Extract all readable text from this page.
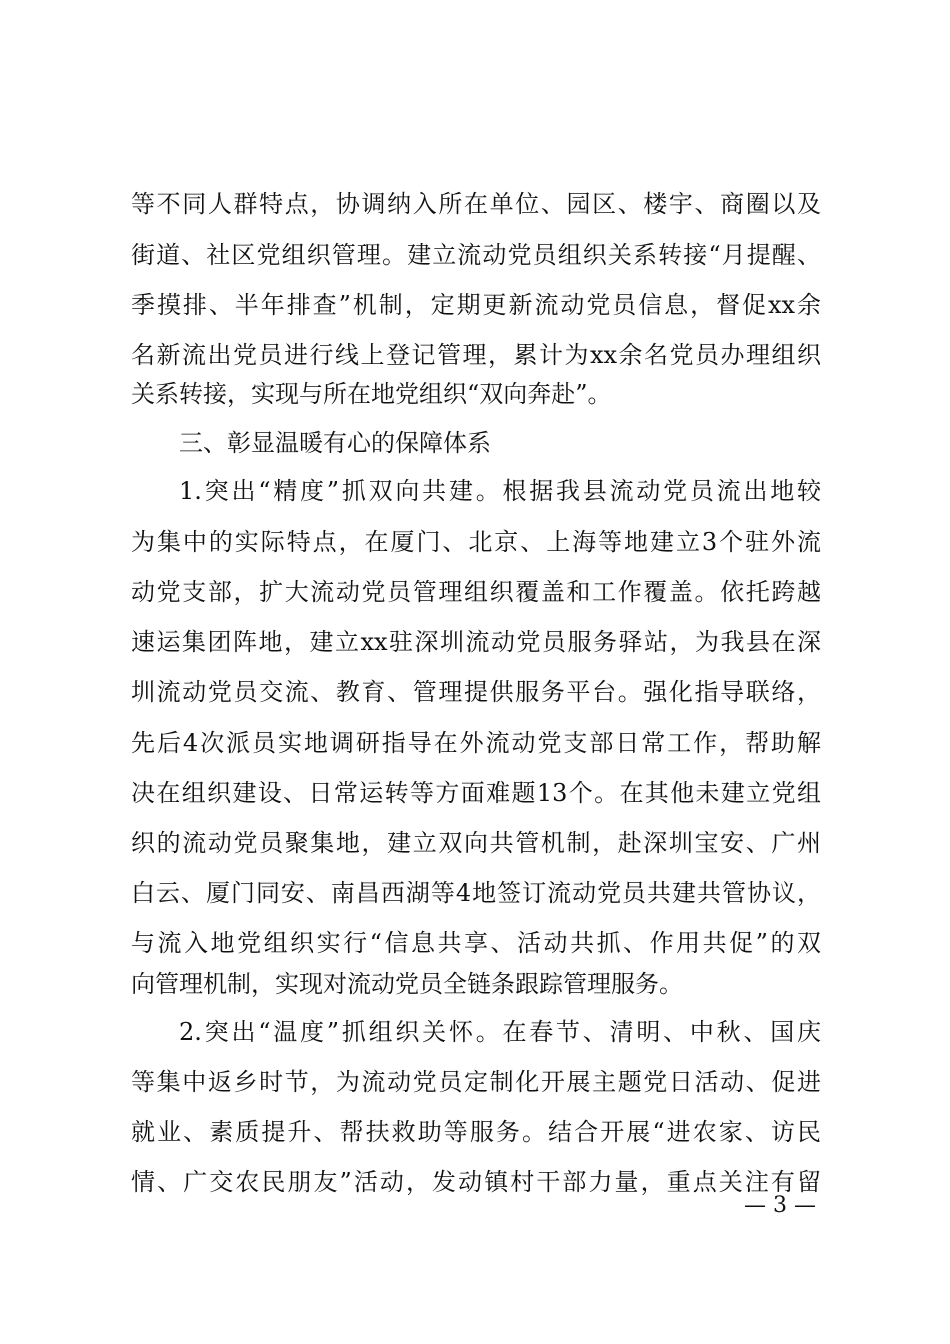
等不同人群特点，协调纳入所在单位、园区、楼宇、商圈以及
街道、社区党组织管理。建立流动党员组织关系转接“月提醒、
季摸排、半年排查”机制，定期更新流动党员信息，督促xx余
名新流出党员进行线上登记管理，累计为xx余名党员办理组织
关系转接，实现与所在地党组织“双向奔赴”。
三、彰显温暖有心的保障体系
1.突出“精度”抓双向共建。根据我县流动党员流出地较
为集中的实际特点，在厦门、北京、上海等地建立3个驻外流
动党支部，扩大流动党员管理组织覆盖和工作覆盖。依托跨越
速运集团阵地，建立xx驻深圳流动党员服务驿站，为我县在深
圳流动党员交流、教育、管理提供服务平台。强化指导联络，
先后4次派员实地调研指导在外流动党支部日常工作，帮助解
决在组织建设、日常运转等方面难题13个。在其他未建立党组
织的流动党员聚集地，建立双向共管机制，赴深圳宝安、广州
白云、厦门同安、南昌西湖等4地签订流动党员共建共管协议，
与流入地党组织实行“信息共享、活动共抓、作用共促”的双
向管理机制，实现对流动党员全链条跟踪管理服务。
2.突出“温度”抓组织关怀。在春节、清明、中秋、国庆
等集中返乡时节，为流动党员定制化开展主题党日活动、促进
就业、素质提升、帮扶救助等服务。结合开展“进农家、访民
情、广交农民朋友”活动，发动镇村干部力量，重点关注有留
— 3 —
